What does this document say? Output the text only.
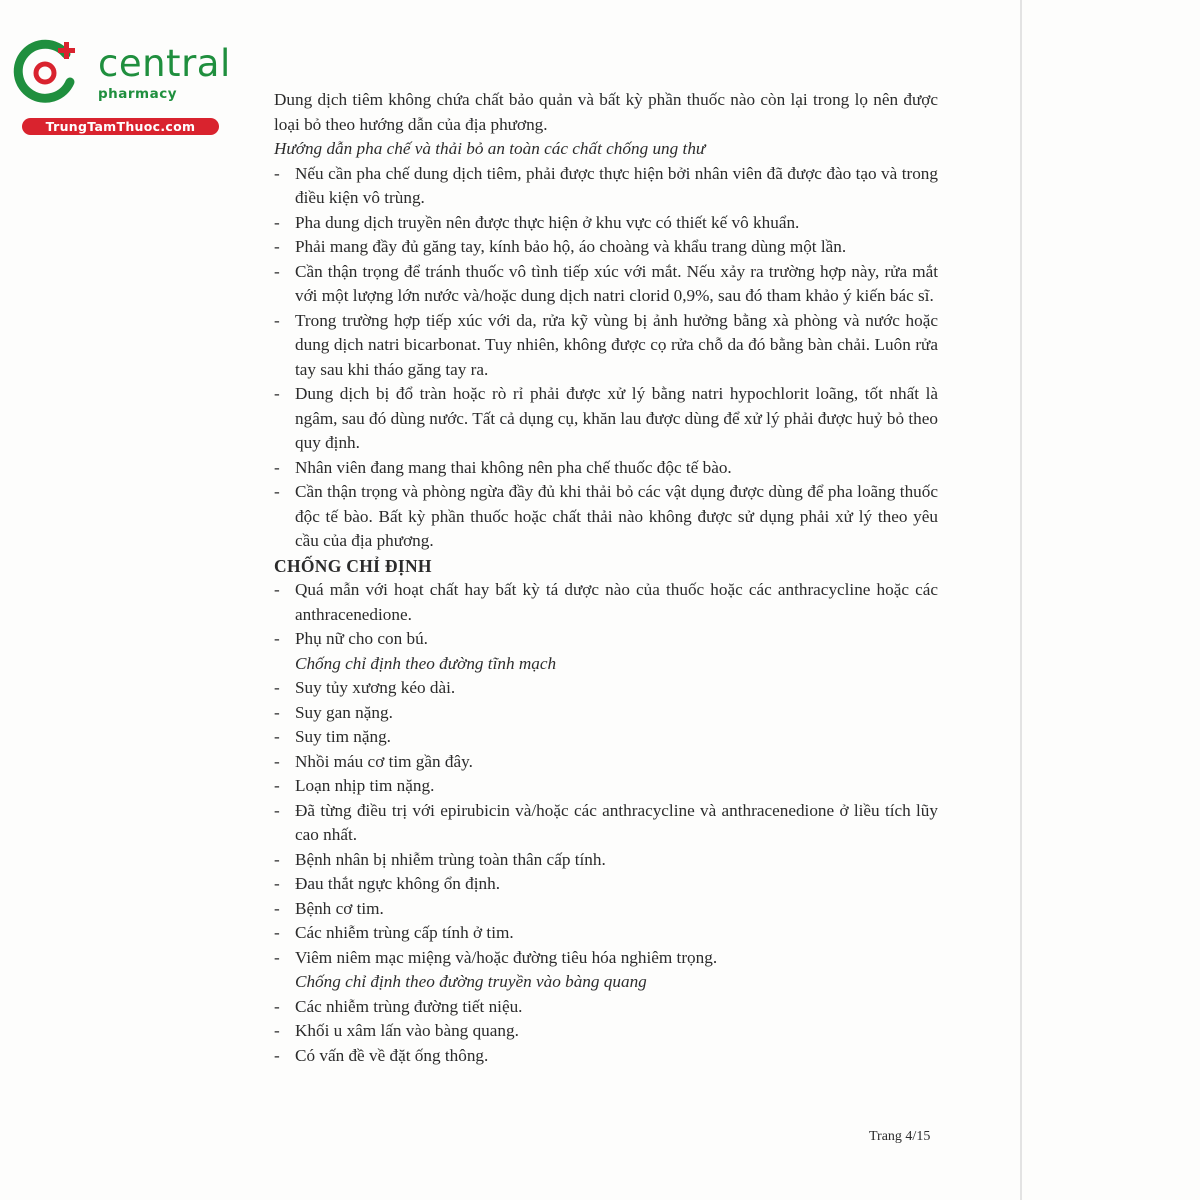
central
pharmacy
TrungTamThuoc.com

Dung dịch tiêm không chứa chất bảo quản và bất kỳ phần thuốc nào còn lại trong lọ nên được loại bỏ theo hướng dẫn của địa phương.

Hướng dẫn pha chế và thải bỏ an toàn các chất chống ung thư

- Nếu cần pha chế dung dịch tiêm, phải được thực hiện bởi nhân viên đã được đào tạo và trong điều kiện vô trùng.

- Pha dung dịch truyền nên được thực hiện ở khu vực có thiết kế vô khuẩn.

- Phải mang đầy đủ găng tay, kính bảo hộ, áo choàng và khẩu trang dùng một lần.

- Cần thận trọng để tránh thuốc vô tình tiếp xúc với mắt. Nếu xảy ra trường hợp này, rửa mắt với một lượng lớn nước và/hoặc dung dịch natri clorid 0,9%, sau đó tham khảo ý kiến bác sĩ.

- Trong trường hợp tiếp xúc với da, rửa kỹ vùng bị ảnh hưởng bằng xà phòng và nước hoặc dung dịch natri bicarbonat. Tuy nhiên, không được cọ rửa chỗ da đó bằng bàn chải. Luôn rửa tay sau khi tháo găng tay ra.

- Dung dịch bị đổ tràn hoặc rò rỉ phải được xử lý bằng natri hypochlorit loãng, tốt nhất là ngâm, sau đó dùng nước. Tất cả dụng cụ, khăn lau được dùng để xử lý phải được huỷ bỏ theo quy định.

- Nhân viên đang mang thai không nên pha chế thuốc độc tế bào.

- Cần thận trọng và phòng ngừa đầy đủ khi thải bỏ các vật dụng được dùng để pha loãng thuốc độc tế bào. Bất kỳ phần thuốc hoặc chất thải nào không được sử dụng phải xử lý theo yêu cầu của địa phương.

CHỐNG CHỈ ĐỊNH

- Quá mẫn với hoạt chất hay bất kỳ tá dược nào của thuốc hoặc các anthracycline hoặc các anthracenedione.

- Phụ nữ cho con bú.

Chống chỉ định theo đường tĩnh mạch

- Suy tủy xương kéo dài.

- Suy gan nặng.

- Suy tim nặng.

- Nhồi máu cơ tim gần đây.

- Loạn nhịp tim nặng.

- Đã từng điều trị với epirubicin và/hoặc các anthracycline và anthracenedione ở liều tích lũy cao nhất.

- Bệnh nhân bị nhiễm trùng toàn thân cấp tính.

- Đau thắt ngực không ổn định.

- Bệnh cơ tim.

- Các nhiễm trùng cấp tính ở tim.

- Viêm niêm mạc miệng và/hoặc đường tiêu hóa nghiêm trọng.

Chống chỉ định theo đường truyền vào bàng quang

- Các nhiễm trùng đường tiết niệu.

- Khối u xâm lấn vào bàng quang.

- Có vấn đề về đặt ống thông.

Trang 4/15
